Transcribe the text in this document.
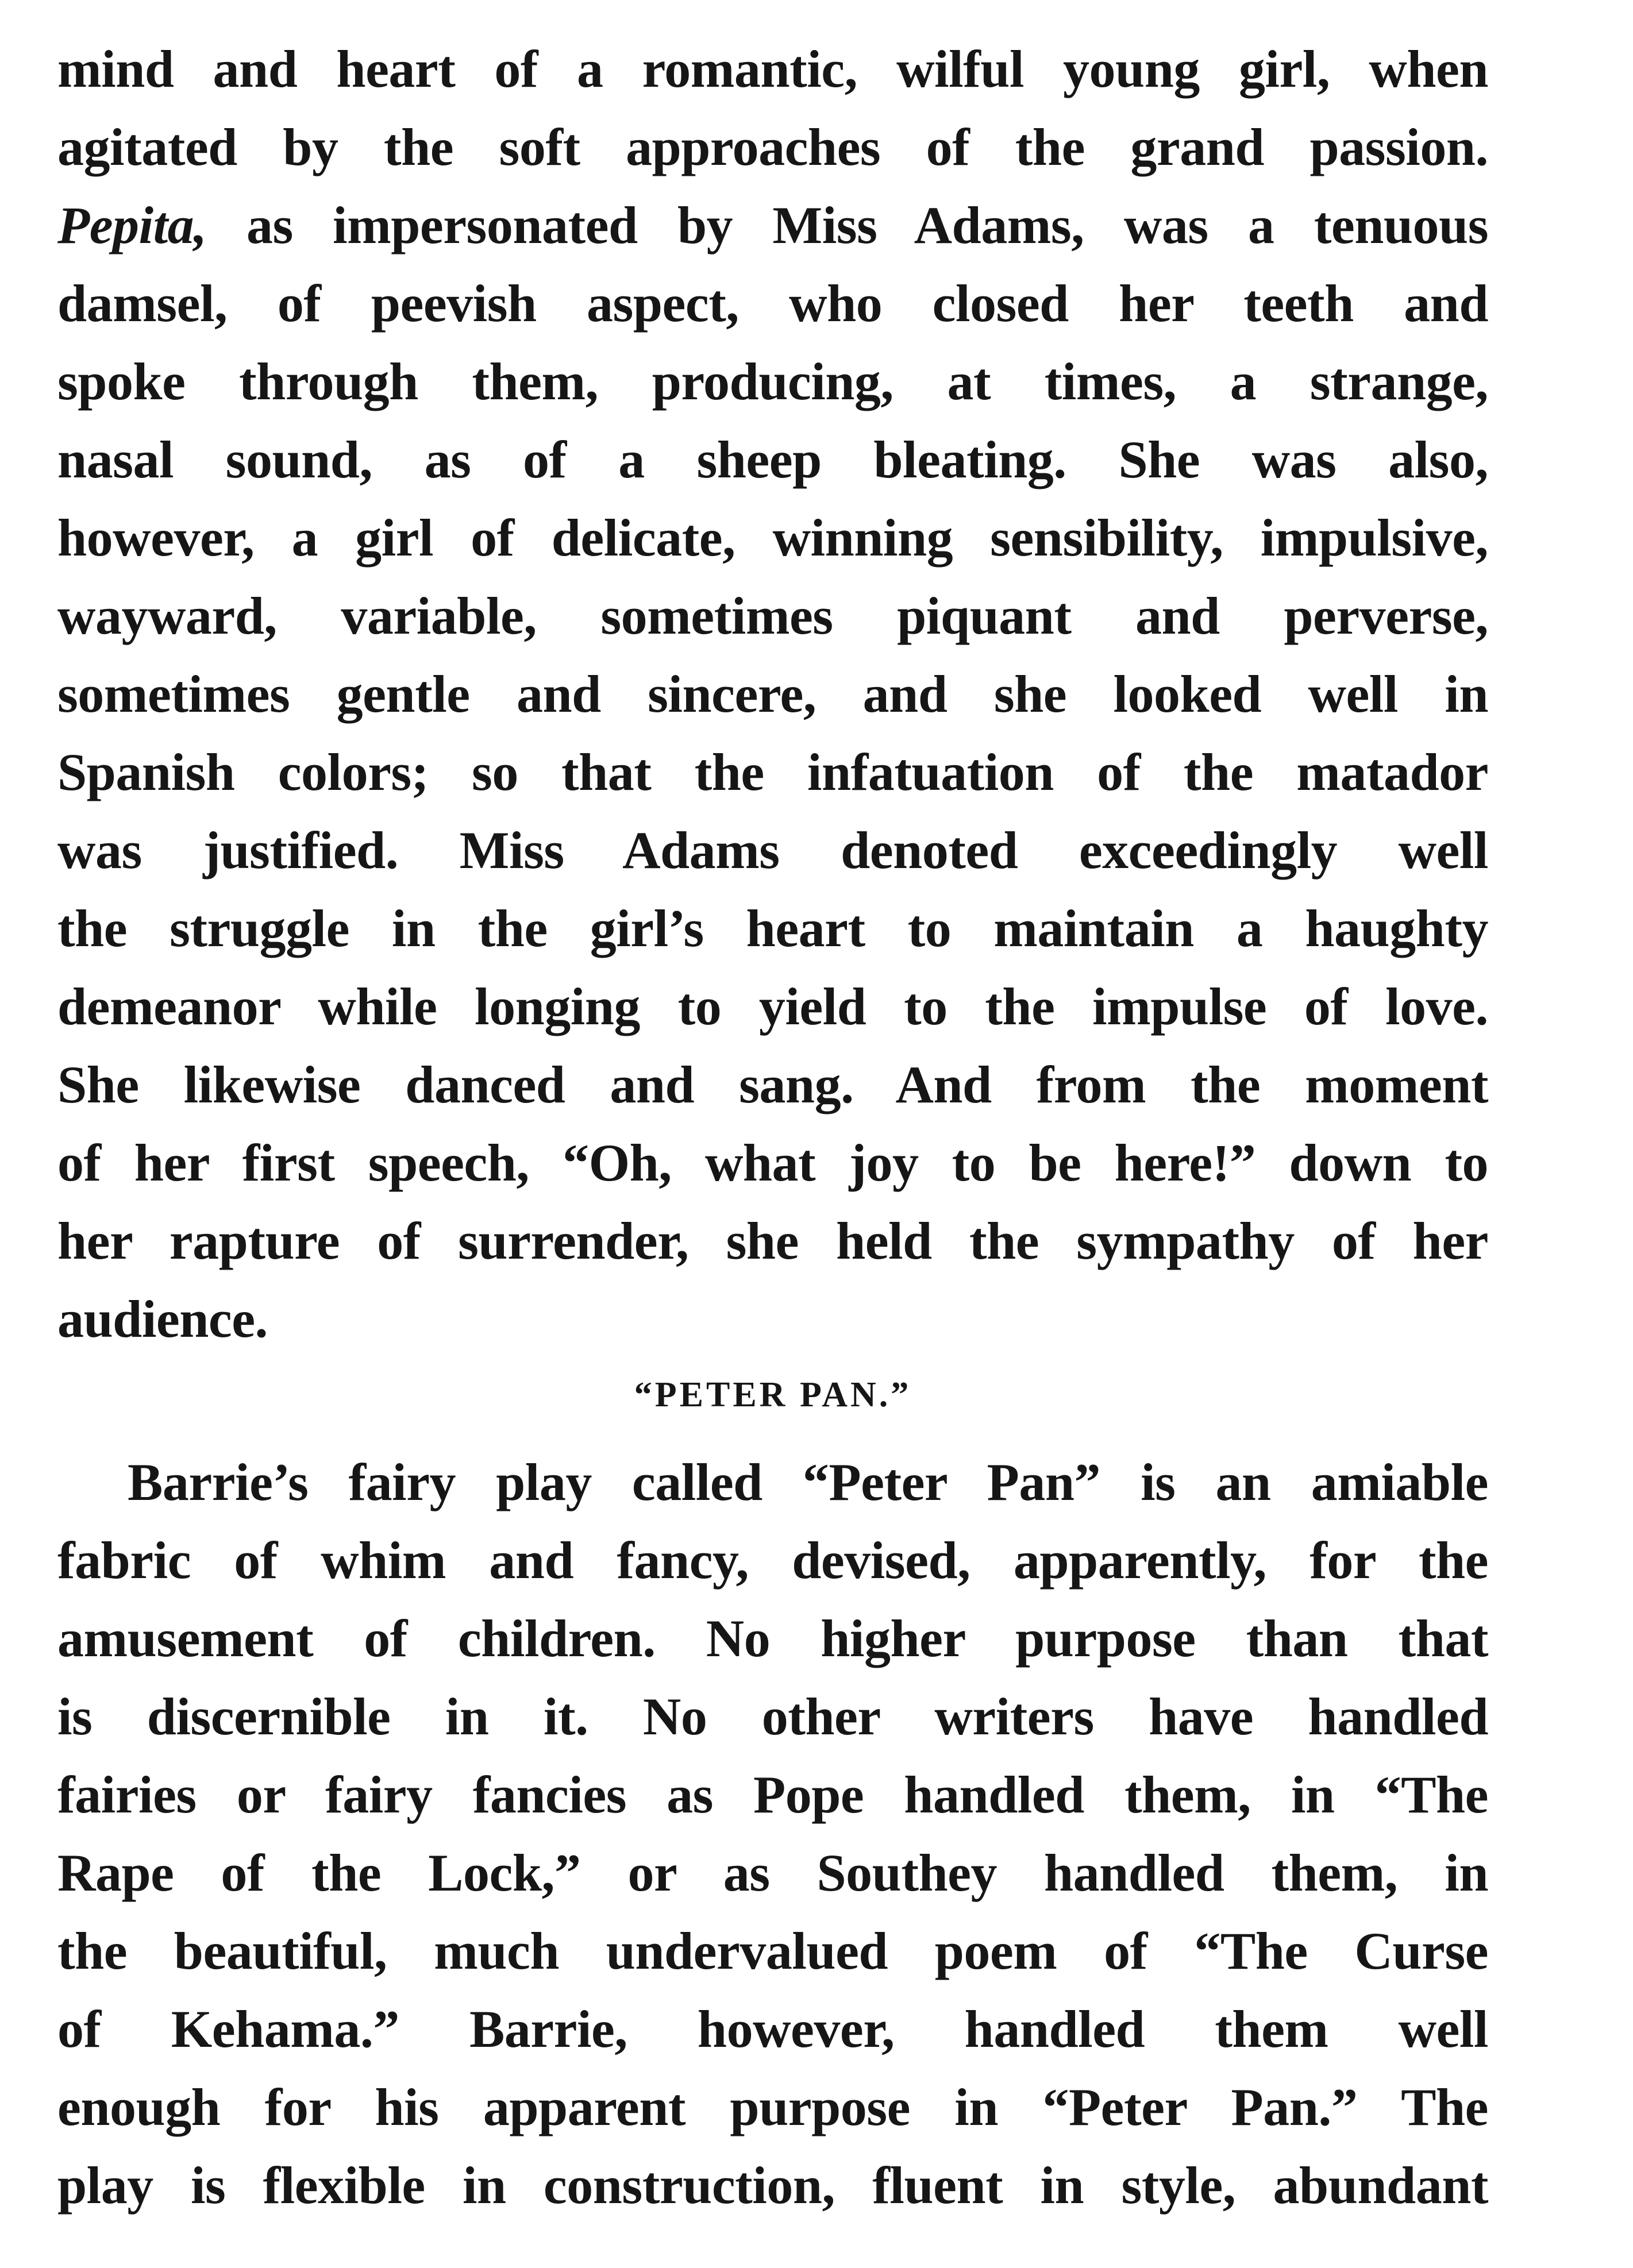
mind and heart of a romantic, wilful young girl, when
agitated by the soft approaches of the grand passion.
Pepita, as impersonated by Miss Adams, was a tenuous
damsel, of peevish aspect, who closed her teeth and
spoke through them, producing, at times, a strange,
nasal sound, as of a sheep bleating. She was also,
however, a girl of delicate, winning sensibility, impulsive,
wayward, variable, sometimes piquant and perverse,
sometimes gentle and sincere, and she looked well in
Spanish colors; so that the infatuation of the matador
was justified. Miss Adams denoted exceedingly well
the struggle in the girl’s heart to maintain a haughty
demeanor while longing to yield to the impulse of love.
She likewise danced and sang. And from the moment
of her first speech, “Oh, what joy to be here!” down to
her rapture of surrender, she held the sympathy of her
audience.
“PETER PAN.”
Barrie’s fairy play called “Peter Pan” is an amiable
fabric of whim and fancy, devised, apparently, for the
amusement of children. No higher purpose than that
is discernible in it. No other writers have handled
fairies or fairy fancies as Pope handled them, in “The
Rape of the Lock,” or as Southey handled them, in
the beautiful, much undervalued poem of “The Curse
of Kehama.” Barrie, however, handled them well
enough for his apparent purpose in “Peter Pan.” The
play is flexible in construction, fluent in style, abundant
